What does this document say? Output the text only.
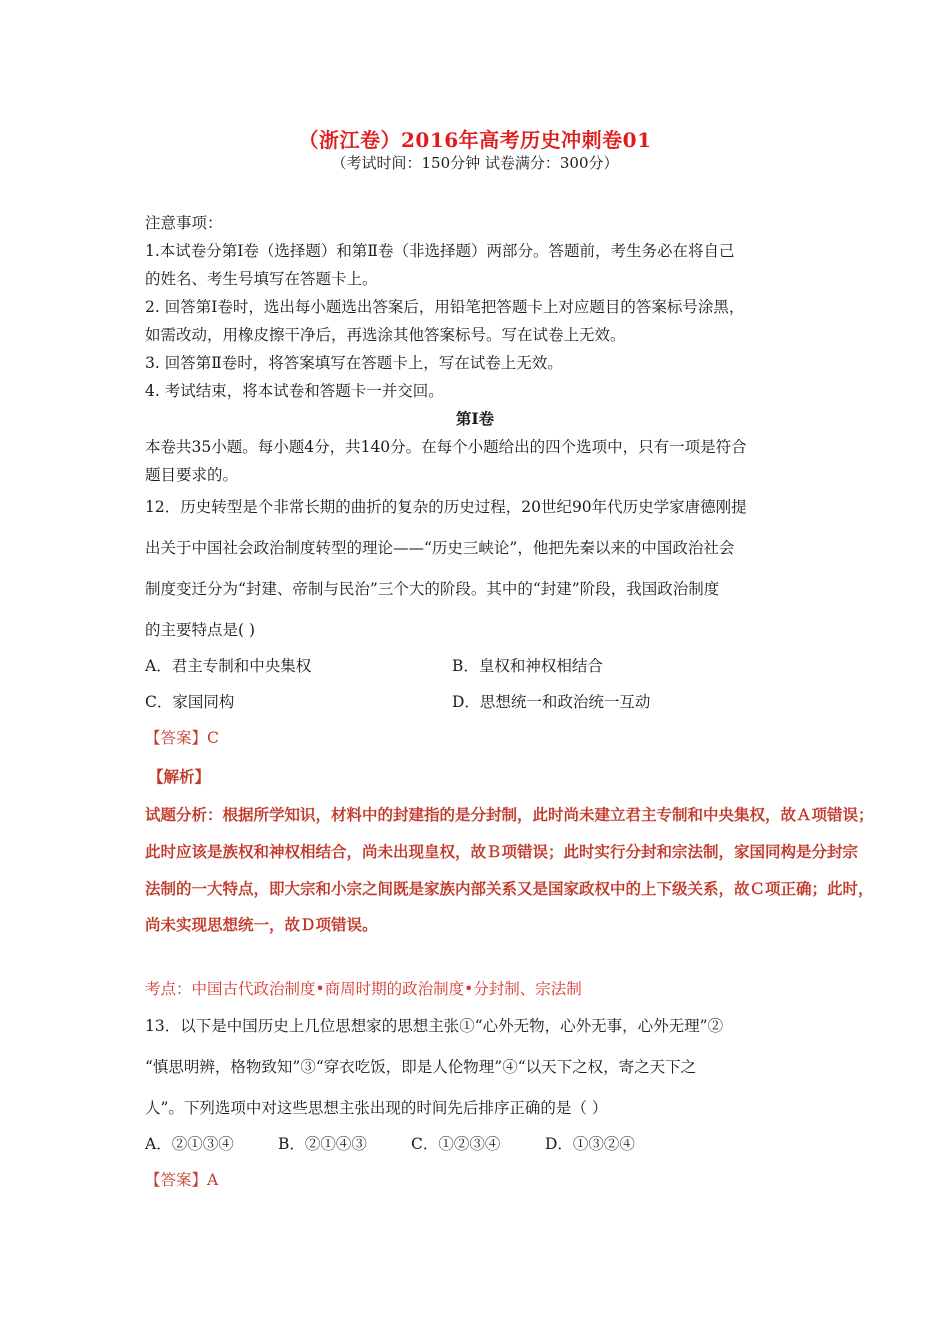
（浙江卷）2016年高考历史冲刺卷01
（考试时间：150分钟 试卷满分：300分）
注意事项：
1.本试卷分第Ⅰ卷（选择题）和第Ⅱ卷（非选择题）两部分。答题前，考生务必在将自己
的姓名、考生号填写在答题卡上。
2. 回答第Ⅰ卷时，选出每小题选出答案后，用铅笔把答题卡上对应题目的答案标号涂黑，
如需改动，用橡皮擦干净后，再选涂其他答案标号。写在试卷上无效。
3. 回答第Ⅱ卷时，将答案填写在答题卡上，写在试卷上无效。
4. 考试结束，将本试卷和答题卡一并交回。
第Ⅰ卷
本卷共35小题。每小题4分，共140分。在每个小题给出的四个选项中，只有一项是符合
题目要求的。
12．历史转型是个非常长期的曲折的复杂的历史过程，20世纪90年代历史学家唐德刚提
出关于中国社会政治制度转型的理论——“历史三峡论”，他把先秦以来的中国政治社会
制度变迁分为“封建、帝制与民治”三个大的阶段。其中的“封建”阶段，我国政治制度
的主要特点是( )
A．君主专制和中央集权	B．皇权和神权相结合
C．家国同构	D．思想统一和政治统一互动
【答案】C
【解析】
试题分析：根据所学知识，材料中的封建指的是分封制，此时尚未建立君主专制和中央集权，故Ａ项错误；
此时应该是族权和神权相结合，尚未出现皇权，故Ｂ项错误；此时实行分封和宗法制，家国同构是分封宗
法制的一大特点，即大宗和小宗之间既是家族内部关系又是国家政权中的上下级关系，故Ｃ项正确；此时，
尚未实现思想统一，故Ｄ项错误。
考点：中国古代政治制度•商周时期的政治制度•分封制、宗法制
13．以下是中国历史上几位思想家的思想主张①“心外无物，心外无事，心外无理”②
“慎思明辨，格物致知”③“穿衣吃饭，即是人伦物理”④“以天下之权，寄之天下之
人”。下列选项中对这些思想主张出现的时间先后排序正确的是（ ）
A．②①③④	B．②①④③	C．①②③④	D．①③②④
【答案】A
